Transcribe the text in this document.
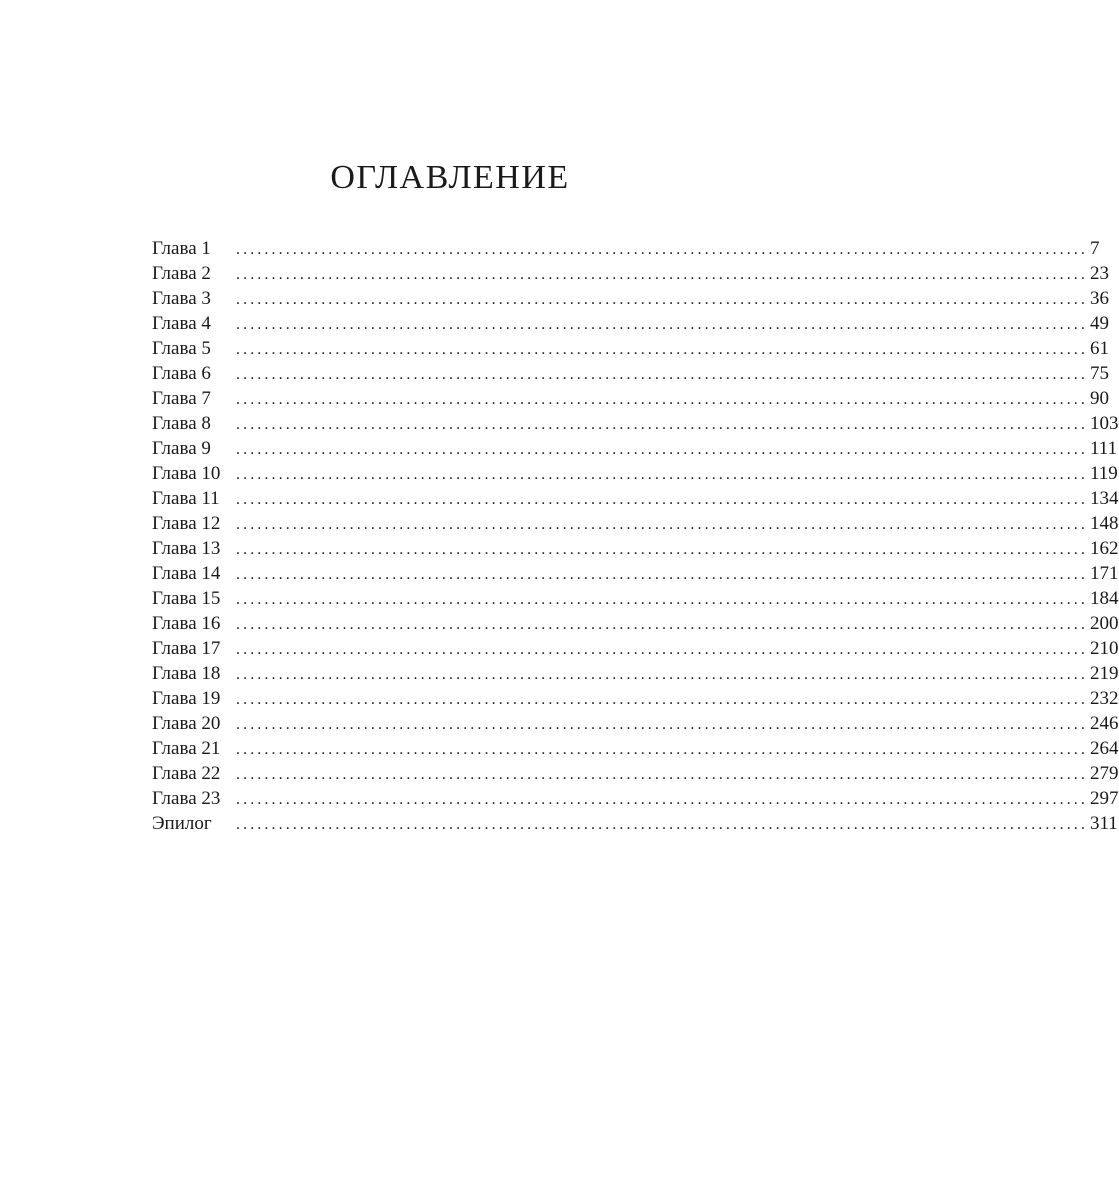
ОГЛАВЛЕНИЕ
Глава 1	........................................................................................................................ 7
Глава 2	........................................................................................................................ 23
Глава 3	........................................................................................................................ 36
Глава 4	........................................................................................................................ 49
Глава 5	........................................................................................................................ 61
Глава 6	........................................................................................................................ 75
Глава 7	........................................................................................................................ 90
Глава 8	........................................................................................................................ 103
Глава 9	........................................................................................................................ 111
Глава 10 ........................................................................................................................ 119
Глава 11	........................................................................................................................ 134
Глава 12 ........................................................................................................................ 148
Глава 13 ........................................................................................................................ 162
Глава 14 ........................................................................................................................ 171
Глава 15 ........................................................................................................................ 184
Глава 16 ........................................................................................................................ 200
Глава 17 ........................................................................................................................ 210
Глава 18 ........................................................................................................................ 219
Глава 19 ........................................................................................................................ 232
Глава 20 ........................................................................................................................ 246
Глава 21 ........................................................................................................................ 264
Глава 22 ........................................................................................................................ 279
Глава 23 ........................................................................................................................ 297
Эпилог	........................................................................................................................ 311
